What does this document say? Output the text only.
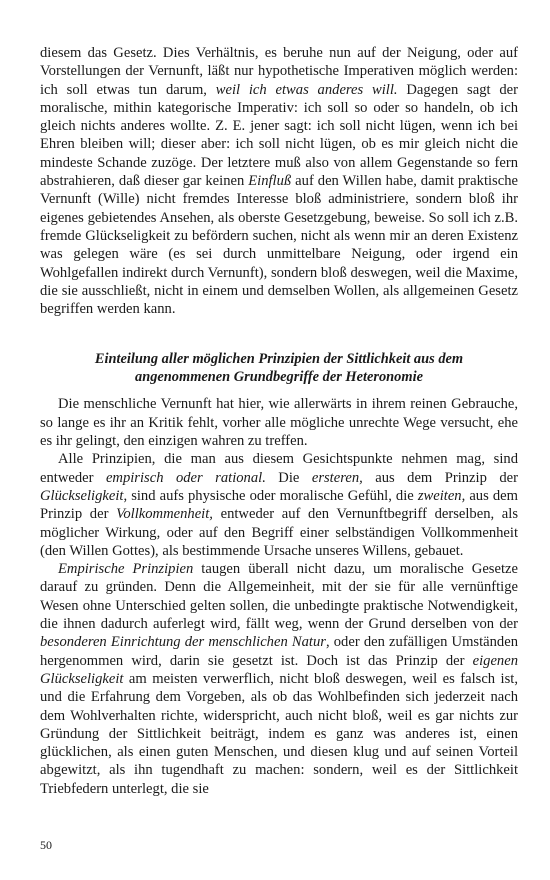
diesem das Gesetz. Dies Verhältnis, es beruhe nun auf der Neigung, oder auf Vorstellungen der Vernunft, läßt nur hypothetische Imperativen möglich werden: ich soll etwas tun darum, weil ich etwas anderes will. Dagegen sagt der moralische, mithin kategorische Imperativ: ich soll so oder so handeln, ob ich gleich nichts anderes wollte. Z. E. jener sagt: ich soll nicht lügen, wenn ich bei Ehren bleiben will; dieser aber: ich soll nicht lügen, ob es mir gleich nicht die mindeste Schande zuzöge. Der letztere muß also von allem Gegenstande so fern abstrahieren, daß dieser gar keinen Einfluß auf den Willen habe, damit praktische Vernunft (Wille) nicht fremdes Interesse bloß administriere, sondern bloß ihr eigenes gebietendes Ansehen, als oberste Gesetzgebung, beweise. So soll ich z.B. fremde Glückseligkeit zu befördern suchen, nicht als wenn mir an deren Existenz was gelegen wäre (es sei durch unmittelbare Neigung, oder irgend ein Wohlgefallen indirekt durch Vernunft), sondern bloß deswegen, weil die Maxime, die sie ausschließt, nicht in einem und demselben Wollen, als allgemeinen Gesetz begriffen werden kann.

Einteilung aller möglichen Prinzipien der Sittlichkeit aus dem
angenommenen Grundbegriffe der Heteronomie

Die menschliche Vernunft hat hier, wie allerwärts in ihrem reinen Gebrauche, so lange es ihr an Kritik fehlt, vorher alle mögliche unrechte Wege versucht, ehe es ihr gelingt, den einzigen wahren zu treffen.

Alle Prinzipien, die man aus diesem Gesichtspunkte nehmen mag, sind entweder empirisch oder rational. Die ersteren, aus dem Prinzip der Glückseligkeit, sind aufs physische oder moralische Gefühl, die zweiten, aus dem Prinzip der Vollkommenheit, entweder auf den Vernunftbegriff derselben, als möglicher Wirkung, oder auf den Begriff einer selbständigen Vollkommenheit (den Willen Gottes), als bestimmende Ursache unseres Willens, gebauet.

Empirische Prinzipien taugen überall nicht dazu, um moralische Gesetze darauf zu gründen. Denn die Allgemeinheit, mit der sie für alle vernünftige Wesen ohne Unterschied gelten sollen, die unbedingte praktische Notwendigkeit, die ihnen dadurch auferlegt wird, fällt weg, wenn der Grund derselben von der besonderen Einrichtung der menschlichen Natur, oder den zufälligen Umständen hergenommen wird, darin sie gesetzt ist. Doch ist das Prinzip der eigenen Glückseligkeit am meisten verwerflich, nicht bloß deswegen, weil es falsch ist, und die Erfahrung dem Vorgeben, als ob das Wohlbefinden sich jederzeit nach dem Wohlverhalten richte, widerspricht, auch nicht bloß, weil es gar nichts zur Gründung der Sittlichkeit beiträgt, indem es ganz was anderes ist, einen glücklichen, als einen guten Menschen, und diesen klug und auf seinen Vorteil abgewitzt, als ihn tugendhaft zu machen: sondern, weil es der Sittlichkeit Triebfedern unterlegt, die sie

50
